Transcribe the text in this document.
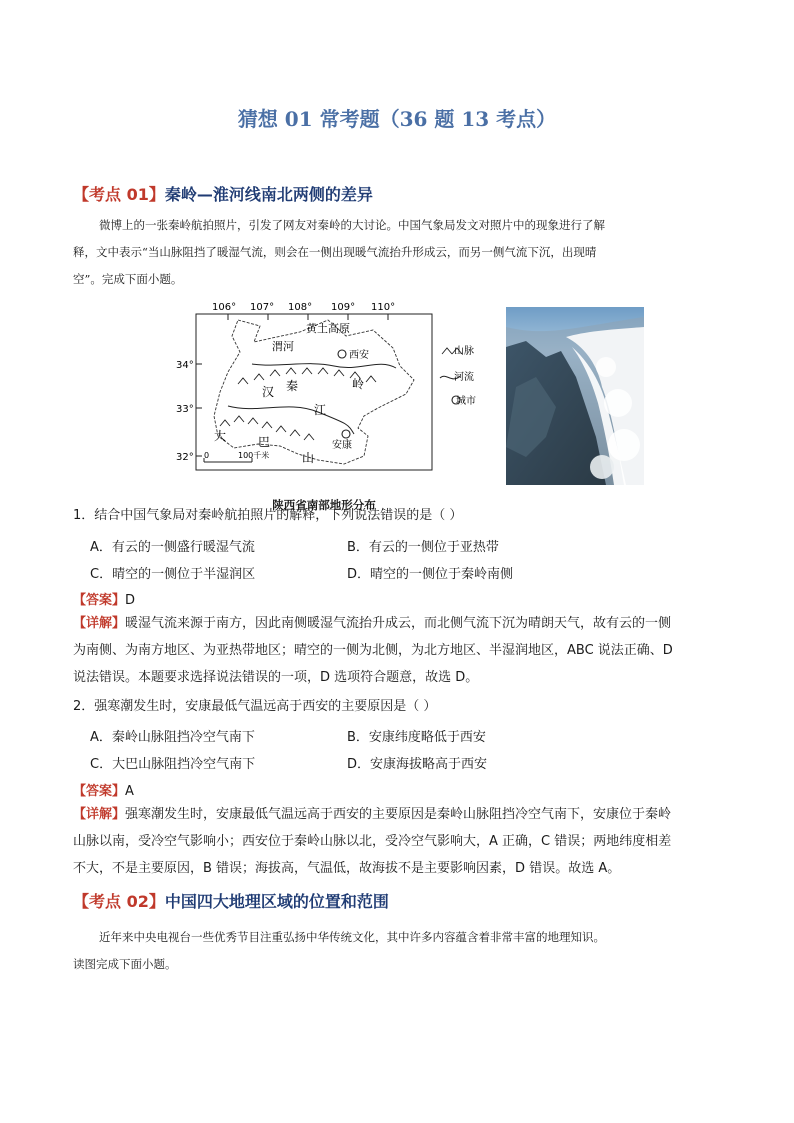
猜想 01 常考题（36 题 13 考点）
【考点 01】秦岭—淮河线南北两侧的差异
微博上的一张秦岭航拍照片，引发了网友对秦岭的大讨论。中国气象局发文对照片中的现象进行了解
释，文中表示“当山脉阻挡了暖湿气流，则会在一侧出现暖气流抬升形成云，而另一侧气流下沉，出现晴
空”。完成下面小题。
106° 107° 108° 109° 110°
34°
33°
32°
渭河
黄土高原
西安
秦	岭
汉
江
大	巴
山
安康
0	100千米
山脉
河流
城市
陕西省南部地形分布
1．结合中国气象局对秦岭航拍照片的解释，下列说法错误的是（ ）
A．有云的一侧盛行暖湿气流	B．有云的一侧位于亚热带
C．晴空的一侧位于半湿润区	D．晴空的一侧位于秦岭南侧
【答案】D
【详解】暖湿气流来源于南方，因此南侧暖湿气流抬升成云，而北侧气流下沉为晴朗天气，故有云的一侧
为南侧、为南方地区、为亚热带地区；晴空的一侧为北侧，为北方地区、半湿润地区，ABC 说法正确、D
说法错误。本题要求选择说法错误的一项，D 选项符合题意，故选 D。
2．强寒潮发生时，安康最低气温远高于西安的主要原因是（ ）
A．秦岭山脉阻挡冷空气南下	B．安康纬度略低于西安
C．大巴山脉阻挡冷空气南下	D．安康海拔略高于西安
【答案】A
【详解】强寒潮发生时，安康最低气温远高于西安的主要原因是秦岭山脉阻挡冷空气南下，安康位于秦岭
山脉以南，受冷空气影响小；西安位于秦岭山脉以北，受冷空气影响大，A 正确，C 错误；两地纬度相差
不大，不是主要原因，B 错误；海拔高，气温低，故海拔不是主要影响因素，D 错误。故选 A。
【考点 02】中国四大地理区域的位置和范围
近年来中央电视台一些优秀节目注重弘扬中华传统文化，其中许多内容蕴含着非常丰富的地理知识。
读图完成下面小题。
